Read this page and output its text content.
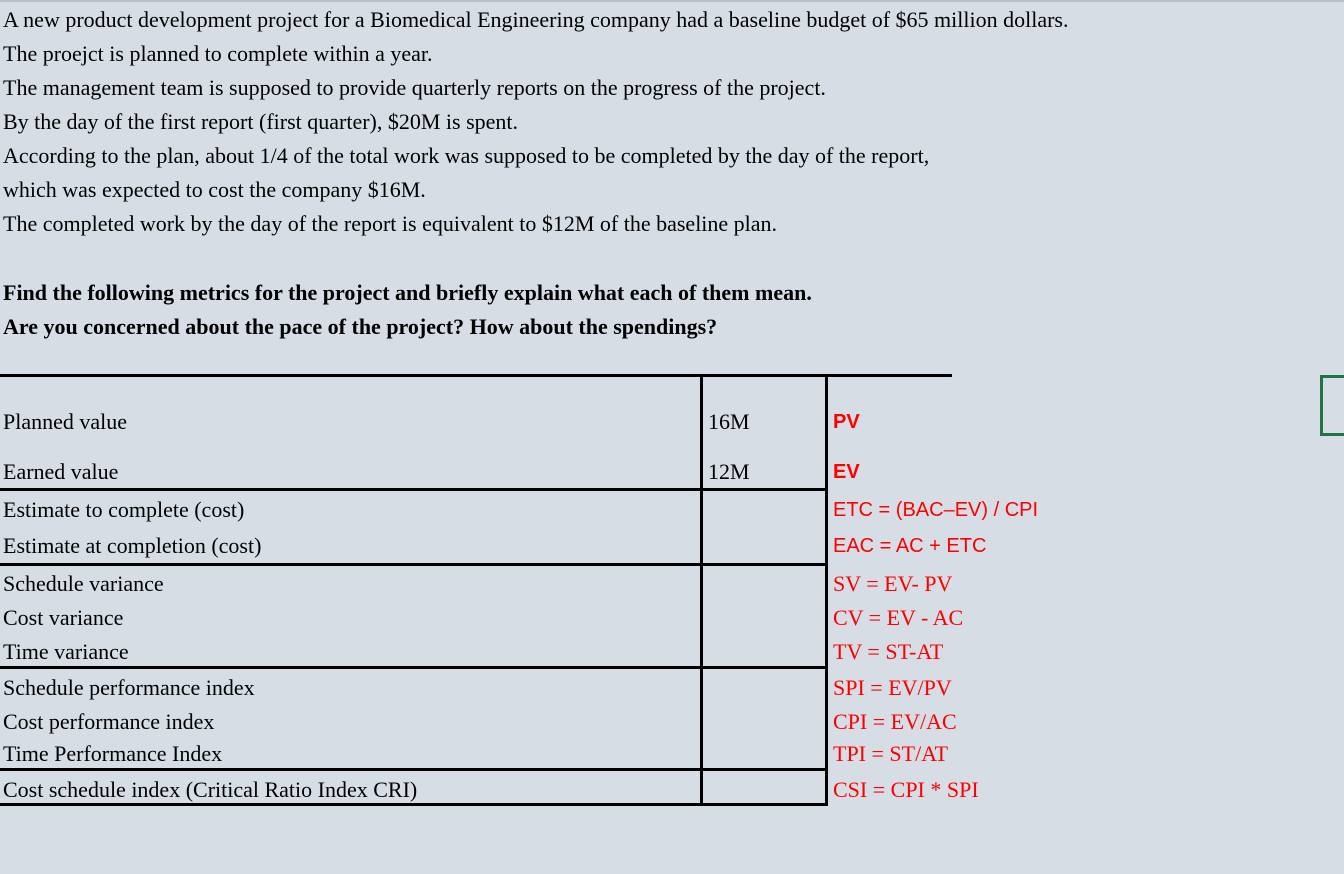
A new product development project for a Biomedical Engineering company had a baseline budget of $65 million dollars.
The proejct is planned to complete within a year.
The management team is supposed to provide quarterly reports on the progress of the project.
By the day of the first report (first quarter), $20M is spent.
According to the plan, about 1/4 of the total work was supposed to be completed by the day of the report,
which was expected to cost the company $16M.
The completed work by the day of the report is equivalent to $12M of the baseline plan.
Find the following metrics for the project and briefly explain what each of them mean.
Are you concerned about the pace of the project? How about the spendings?
Planned value
Earned value
Estimate to complete (cost)
Estimate at completion (cost)
Schedule variance
Cost variance
Time variance
Schedule performance index
Cost performance index
Time Performance Index
Cost schedule index (Critical Ratio Index CRI)
16M
12M
PV
EV
ETC = (BAC–EV) / CPI
EAC = AC + ETC
SV = EV- PV
CV = EV - AC
TV = ST-AT
SPI = EV/PV
CPI = EV/AC
TPI = ST/AT
CSI = CPI * SPI
